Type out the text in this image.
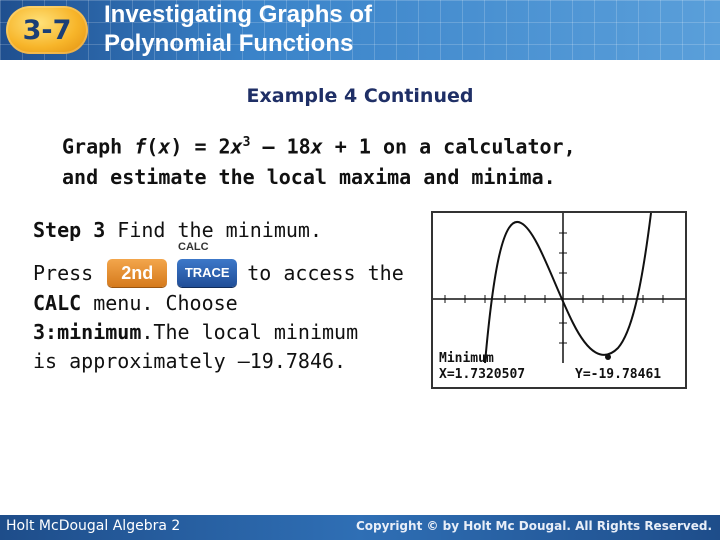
3-7 Investigating Graphs of
Polynomial Functions
Example 4 Continued
Graph $f(x) = 2x^3 - 18x + 1$ on a calculator,
and estimate the local maxima and minima.
Step 3 Find the minimum.
CALC
Press	2nd	TRACE to access the
CALC menu. Choose
3:minimum.The local minimum
is approximately –19.7846.	Minimum
X=1.7320507	Y=-19.78461
Holt McDougal Algebra 2	Copyright © by Holt Mc Dougal. All Rights Reserved.
